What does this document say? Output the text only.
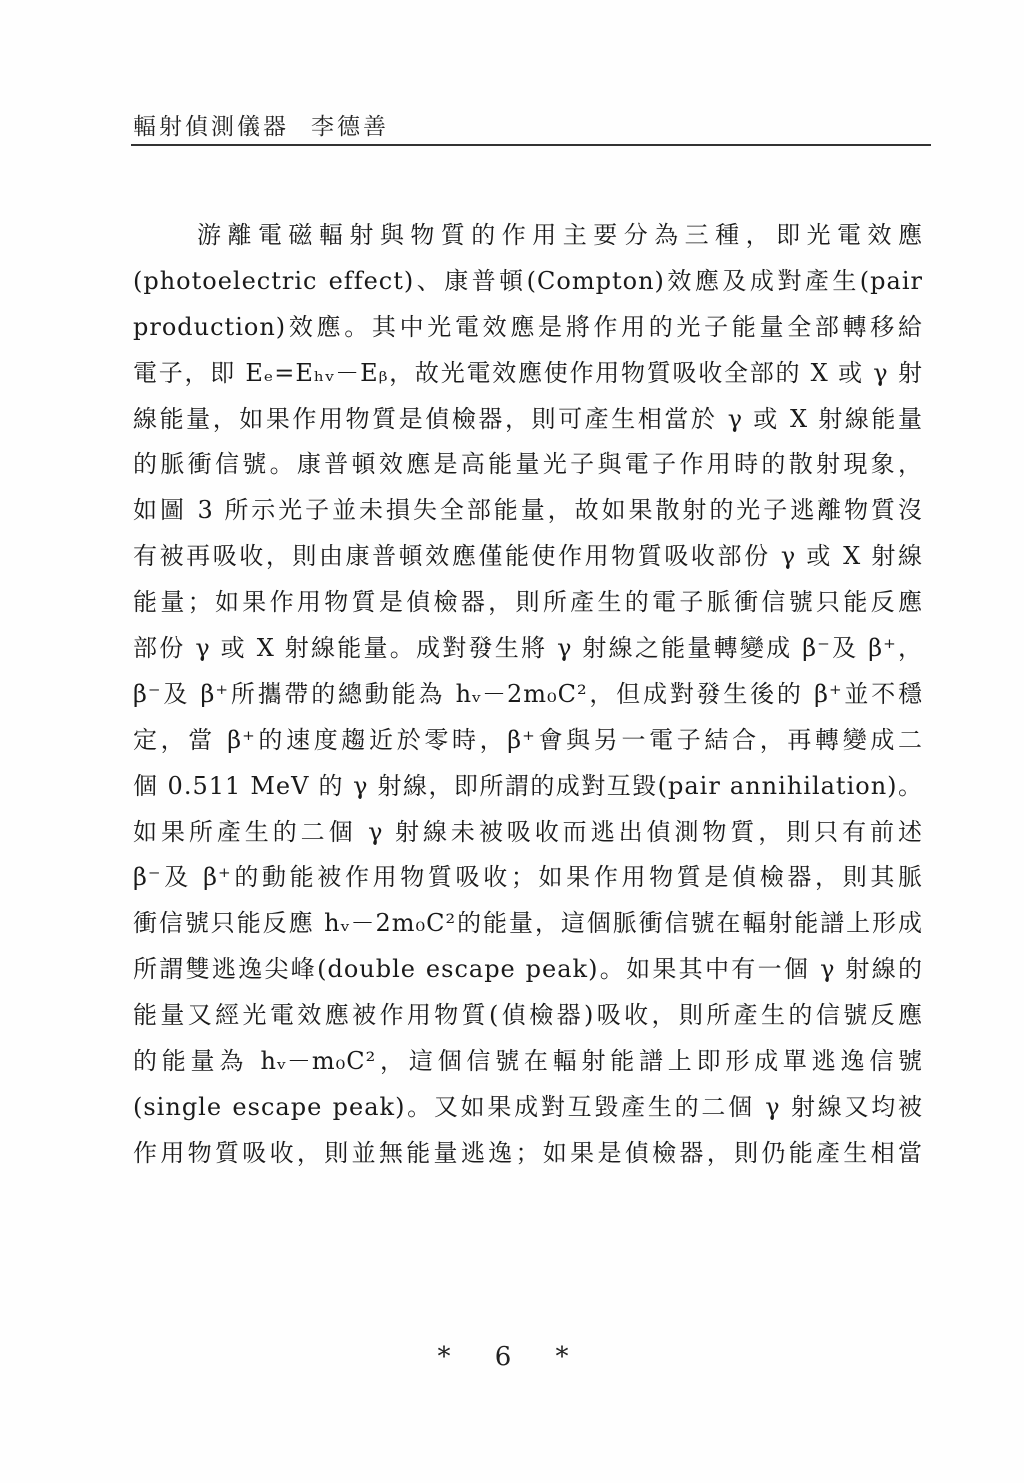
輻射偵測儀器 李德善
游離電磁輻射與物質的作用主要分為三種，即光電效應
(photoelectric effect)、康普頓(Compton)效應及成對產生(pair
production)效應。其中光電效應是將作用的光子能量全部轉移給
電子，即 Eₑ=Eₕᵥ－Eᵦ，故光電效應使作用物質吸收全部的 X 或 γ 射
線能量，如果作用物質是偵檢器，則可產生相當於 γ 或 X 射線能量
的脈衝信號。康普頓效應是高能量光子與電子作用時的散射現象，
如圖 3 所示光子並未損失全部能量，故如果散射的光子逃離物質沒
有被再吸收，則由康普頓效應僅能使作用物質吸收部份 γ 或 X 射線
能量；如果作用物質是偵檢器，則所產生的電子脈衝信號只能反應
部份 γ 或 X 射線能量。成對發生將 γ 射線之能量轉變成 β⁻及 β⁺，
β⁻及 β⁺所攜帶的總動能為 hᵥ－2m₀C²，但成對發生後的 β⁺並不穩
定，當 β⁺的速度趨近於零時，β⁺會與另一電子結合，再轉變成二
個 0.511 MeV 的 γ 射線，即所謂的成對互毀(pair annihilation)。
如果所產生的二個 γ 射線未被吸收而逃出偵測物質，則只有前述
β⁻及 β⁺的動能被作用物質吸收；如果作用物質是偵檢器，則其脈
衝信號只能反應 hᵥ－2m₀C²的能量，這個脈衝信號在輻射能譜上形成
所謂雙逃逸尖峰(double escape peak)。如果其中有一個 γ 射線的
能量又經光電效應被作用物質(偵檢器)吸收，則所產生的信號反應
的能量為 hᵥ－m₀C²，這個信號在輻射能譜上即形成單逃逸信號
(single escape peak)。又如果成對互毀產生的二個 γ 射線又均被
作用物質吸收，則並無能量逃逸；如果是偵檢器，則仍能產生相當
* 6 *
